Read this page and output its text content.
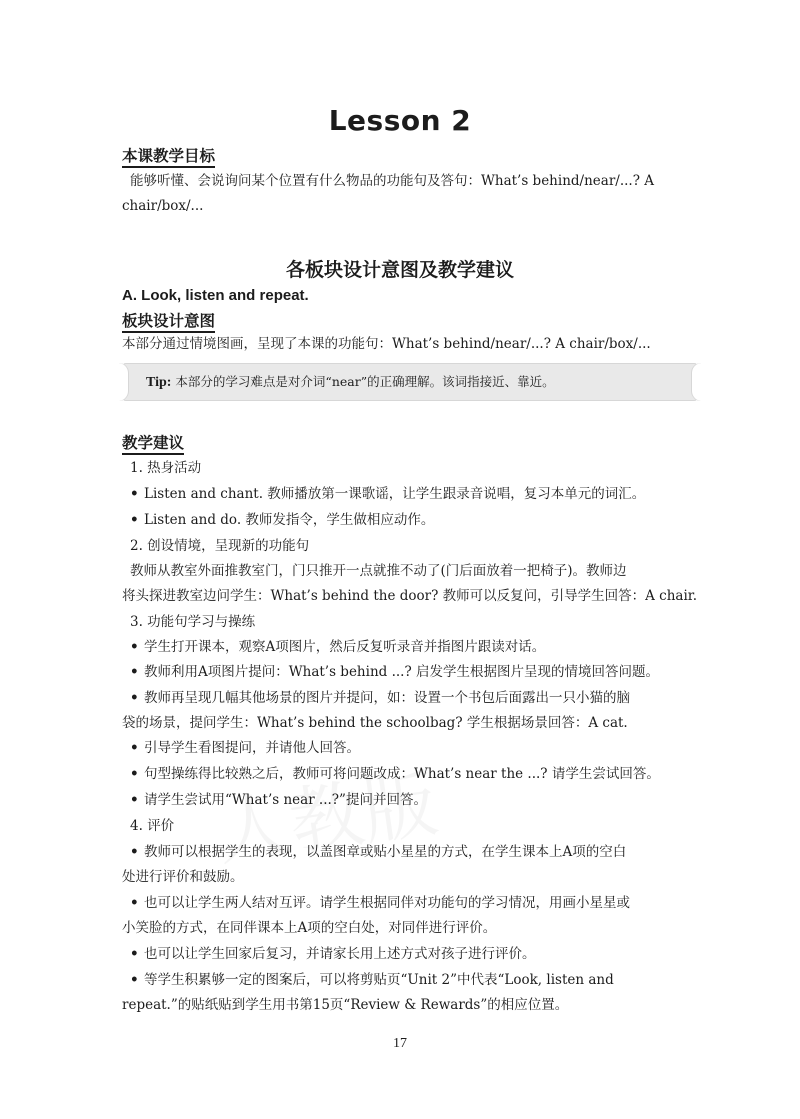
Lesson 2
本课教学目标
能够听懂、会说询问某个位置有什么物品的功能句及答句：What’s behind/near/...? A
chair/box/...
各板块设计意图及教学建议
A. Look, listen and repeat.
板块设计意图
本部分通过情境图画，呈现了本课的功能句：What’s behind/near/...? A chair/box/...
Tip: 本部分的学习难点是对介词“near”的正确理解。该词指接近、靠近。
教学建议
1. 热身活动
• Listen and chant. 教师播放第一课歌谣，让学生跟录音说唱，复习本单元的词汇。
• Listen and do. 教师发指令，学生做相应动作。
2. 创设情境，呈现新的功能句
教师从教室外面推教室门，门只推开一点就推不动了(门后面放着一把椅子)。教师边
将头探进教室边问学生：What’s behind the door? 教师可以反复问，引导学生回答：A chair.
3. 功能句学习与操练
• 学生打开课本，观察A项图片，然后反复听录音并指图片跟读对话。
• 教师利用A项图片提问：What’s behind ...? 启发学生根据图片呈现的情境回答问题。
• 教师再呈现几幅其他场景的图片并提问，如：设置一个书包后面露出一只小猫的脑
袋的场景，提问学生：What’s behind the schoolbag? 学生根据场景回答：A cat.
• 引导学生看图提问，并请他人回答。
• 句型操练得比较熟之后，教师可将问题改成：What’s near the ...? 请学生尝试回答。
• 请学生尝试用“What’s near ...?”提问并回答。
4. 评价
• 教师可以根据学生的表现，以盖图章或贴小星星的方式，在学生课本上A项的空白
处进行评价和鼓励。
• 也可以让学生两人结对互评。请学生根据同伴对功能句的学习情况，用画小星星或
小笑脸的方式，在同伴课本上A项的空白处，对同伴进行评价。
• 也可以让学生回家后复习，并请家长用上述方式对孩子进行评价。
• 等学生积累够一定的图案后，可以将剪贴页“Unit 2”中代表“Look, listen and
repeat.”的贴纸贴到学生用书第15页“Review & Rewards”的相应位置。
17
